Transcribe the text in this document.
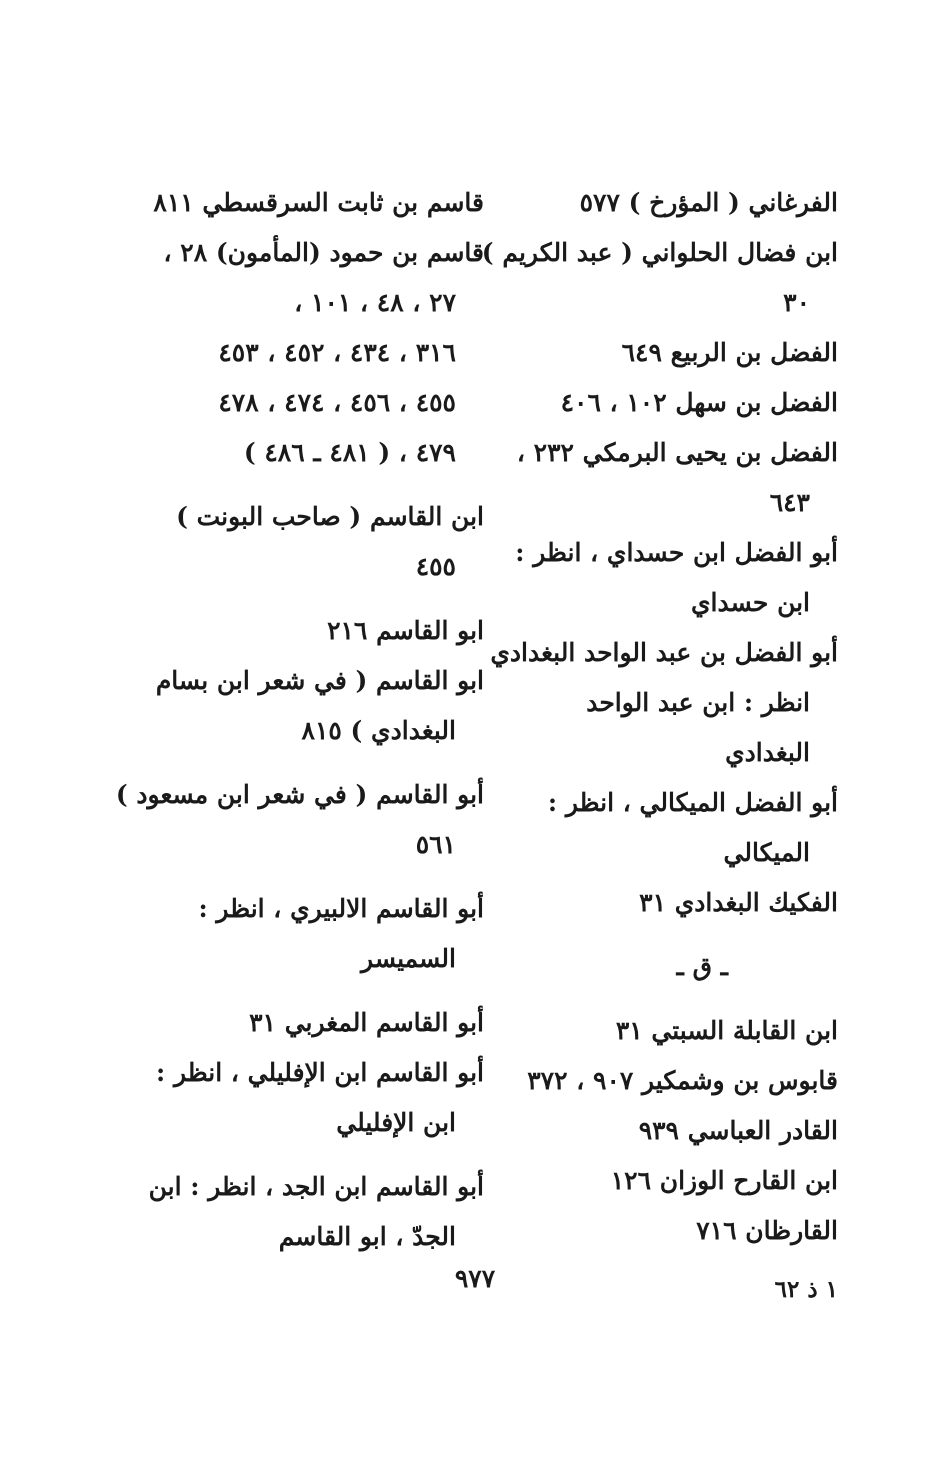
الفرغاني ( المؤرخ ) ٥٧٧
ابن فضال الحلواني ( عبد الكريم )
٣٠
الفضل بن الربيع ٦٤٩
الفضل بن سهل ١٠٢ ، ٤٠٦
الفضل بن يحيى البرمكي ٢٣٢ ،
٦٤٣
أبو الفضل ابن حسداي ، انظر :
ابن حسداي
أبو الفضل بن عبد الواحد البغدادي
انظر : ابن عبد الواحد
البغدادي
أبو الفضل الميكالي ، انظر :
الميكالي
الفكيك البغدادي ٣١
ـ ق ـ
ابن القابلة السبتي ٣١
قابوس بن وشمكير ٩٠٧ ، ٣٧٢
القادر العباسي ٩٣٩
ابن القارح الوزان ١٢٦
القارظان ٧١٦
قاسم بن ثابت السرقسطي ٨١١
قاسم بن حمود (المأمون) ٢٨ ،
٢٧ ، ٤٨ ، ١٠١ ،
٣١٦ ، ٤٣٤ ، ٤٥٢ ، ٤٥٣
٤٥٥ ، ٤٥٦ ، ٤٧٤ ، ٤٧٨
٤٧٩ ، ( ٤٨١ ـ ٤٨٦ )
ابن القاسم ( صاحب البونت )
٤٥٥
ابو القاسم ٢١٦
ابو القاسم ( في شعر ابن بسام
البغدادي ) ٨١٥
أبو القاسم ( في شعر ابن مسعود )
٥٦١
أبو القاسم الالبيري ، انظر :
السميسر
أبو القاسم المغربي ٣١
أبو القاسم ابن الإفليلي ، انظر :
ابن الإفليلي
أبو القاسم ابن الجد ، انظر : ابن
الجدّ ، ابو القاسم
٩٧٧	١ ذ ٦٢
